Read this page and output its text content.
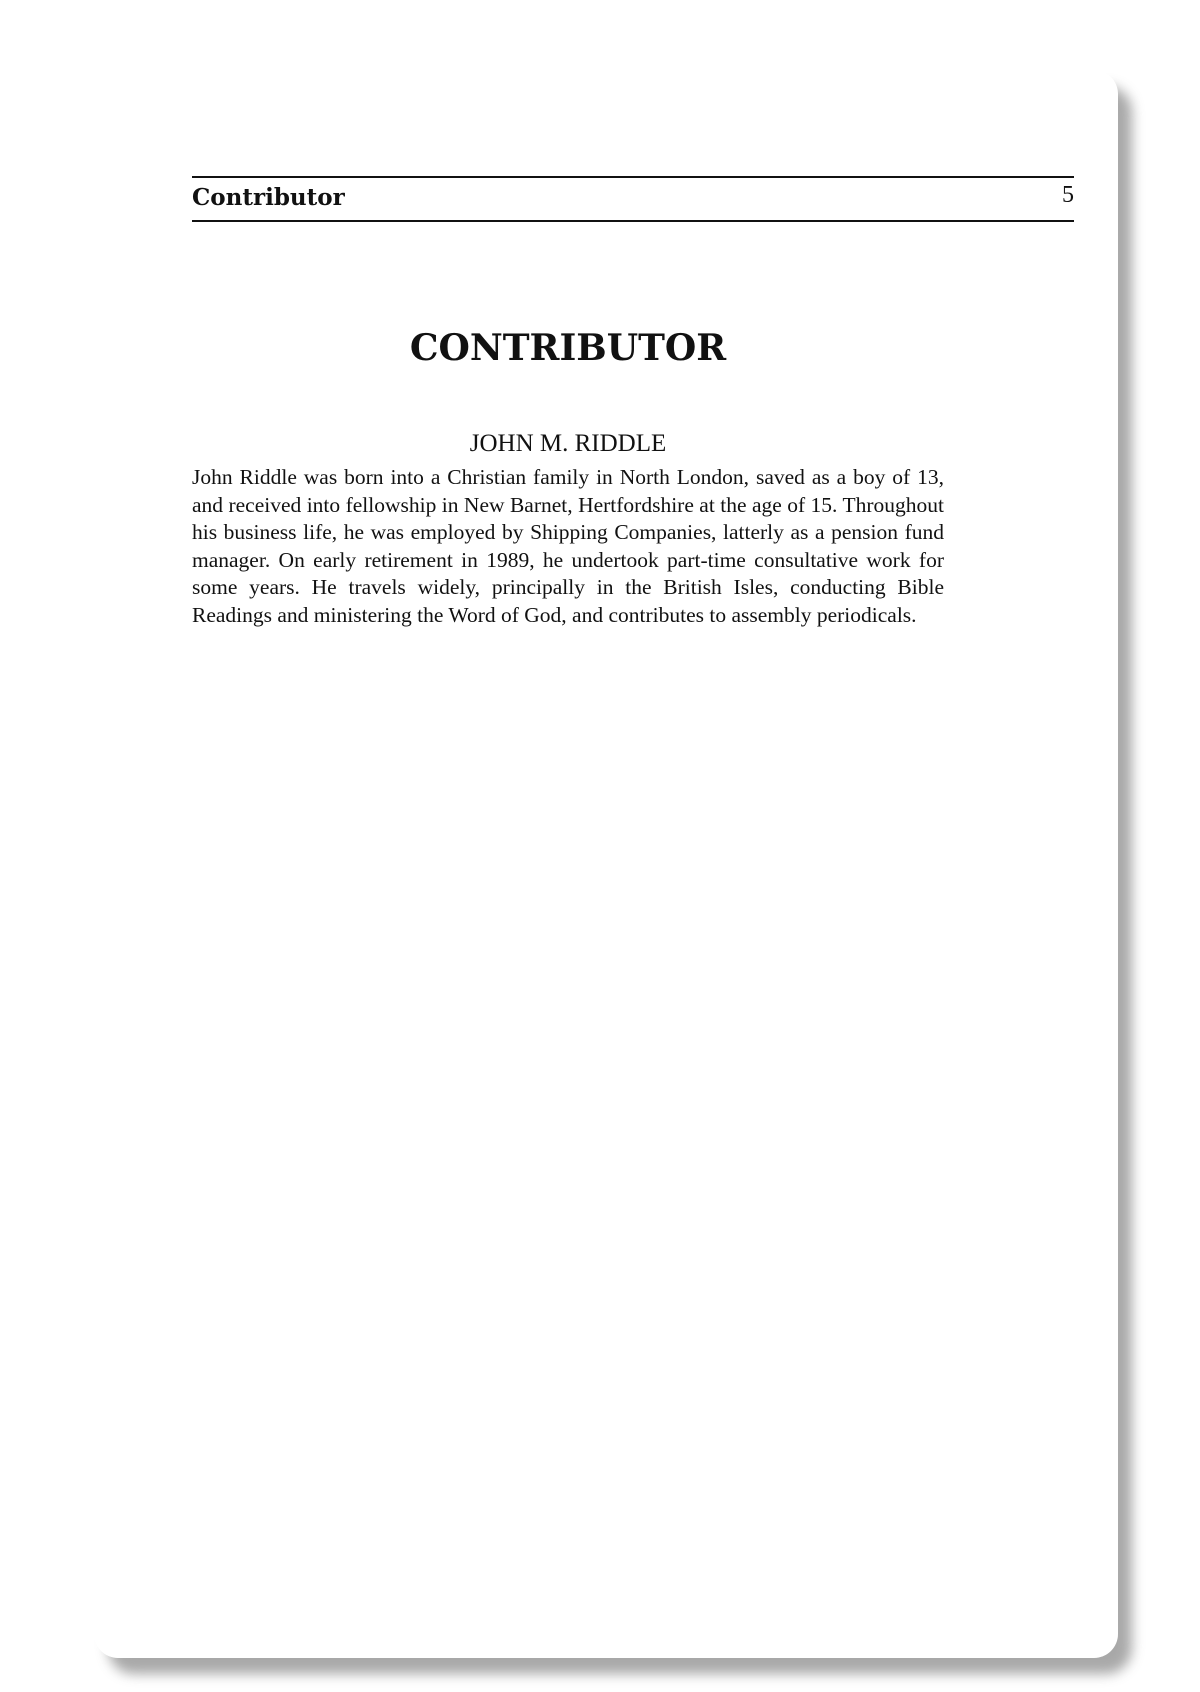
Contributor	5
CONTRIBUTOR
JOHN M. RIDDLE

John Riddle was born into a Christian family in North London, saved as a boy of 13, and received into fellowship in New Barnet, Hertfordshire at the age of 15. Throughout his business life, he was employed by Shipping Companies, latterly as a pension fund manager. On early retirement in 1989, he undertook part-time consultative work for some years. He travels widely, principally in the British Isles, conducting Bible Readings and ministering the Word of God, and contributes to assembly periodicals.
